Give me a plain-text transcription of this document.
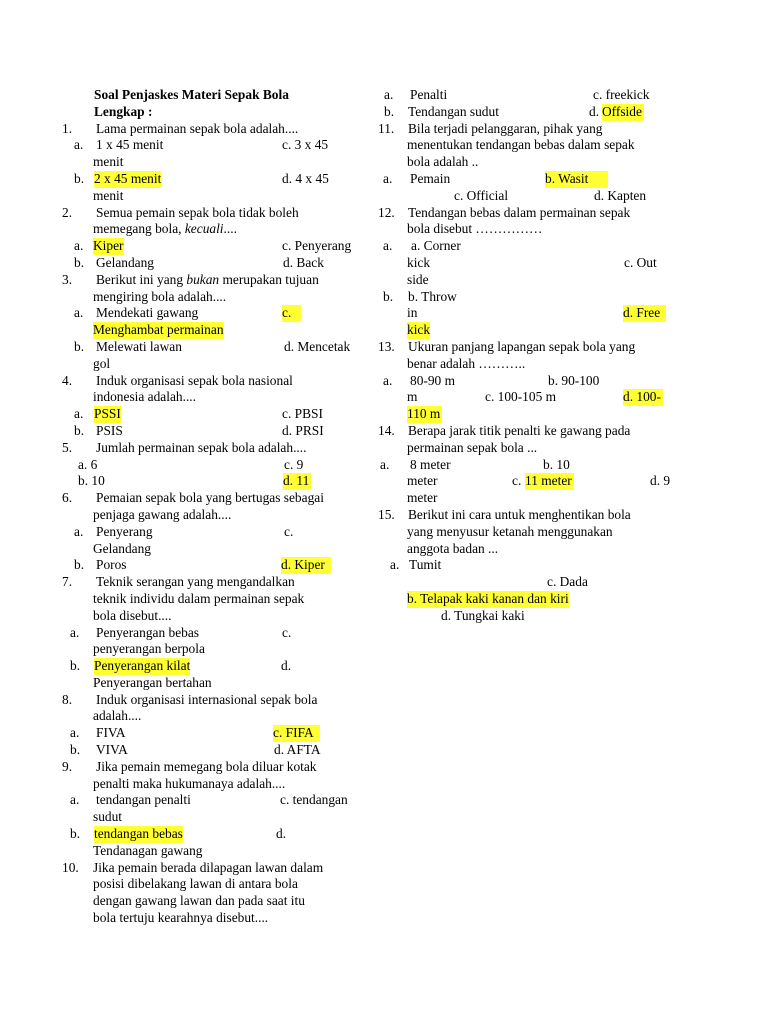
Soal Penjaskes Materi Sepak Bola
Lengkap :
1. Lama permainan sepak bola adalah....
a. 1 x 45 menit	c. 3 x 45
menit
b. 2 x 45 menit	d. 4 x 45
menit
2. Semua pemain sepak bola tidak boleh
memegang bola, kecuali....
a. Kiper	c. Penyerang
b. Gelandang	d. Back
3. Berikut ini yang bukan merupakan tujuan
mengiring bola adalah....
a. Mendekati gawang	c.
Menghambat permainan
b. Melewati lawan	d. Mencetak
gol
4. Induk organisasi sepak bola nasional
indonesia adalah....
a. PSSI	c. PBSI
b. PSIS	d. PRSI
5. Jumlah permainan sepak bola adalah....
a. 6	c. 9
b. 10	d. 11
6. Pemaian sepak bola yang bertugas sebagai
penjaga gawang adalah....
a. Penyerang	c.
Gelandang
b. Poros	d. Kiper
7. Teknik serangan yang mengandalkan
teknik individu dalam permainan sepak
bola disebut....
a. Penyerangan bebas	c.
penyerangan berpola
b. Penyerangan kilat	d.
Penyerangan bertahan
8. Induk organisasi internasional sepak bola
adalah....
a. FIVA	c. FIFA
b. VIVA	d. AFTA
9. Jika pemain memegang bola diluar kotak
penalti maka hukumanaya adalah....
a. tendangan penalti	c. tendangan
sudut
b. tendangan bebas	d.
Tendanagan gawang
10. Jika pemain berada dilapagan lawan dalam
posisi dibelakang lawan di antara bola
dengan gawang lawan dan pada saat itu
bola tertuju kearahnya disebut....
a. Penalti	c. freekick
b. Tendangan sudut	d. Offside
11. Bila terjadi pelanggaran, pihak yang
menentukan tendangan bebas dalam sepak
bola adalah ..
a. Pemain	b. Wasit
c. Official	d. Kapten
12. Tendangan bebas dalam permainan sepak
bola disebut ……………
a. a. Corner
kick	c. Out
side
b. b. Throw
in	d. Free
kick
13. Ukuran panjang lapangan sepak bola yang
benar adalah ………..
a. 80-90 m	b. 90-100
m	c. 100-105 m	d. 100-
110 m
14. Berapa jarak titik penalti ke gawang pada
permainan sepak bola ...
a. 8 meter	b. 10
meter	c. 11 meter	d. 9
meter
15. Berikut ini cara untuk menghentikan bola
yang menyusur ketanah menggunakan
anggota badan ...
a. Tumit
c. Dada
b. Telapak kaki kanan dan kiri
d. Tungkai kaki
